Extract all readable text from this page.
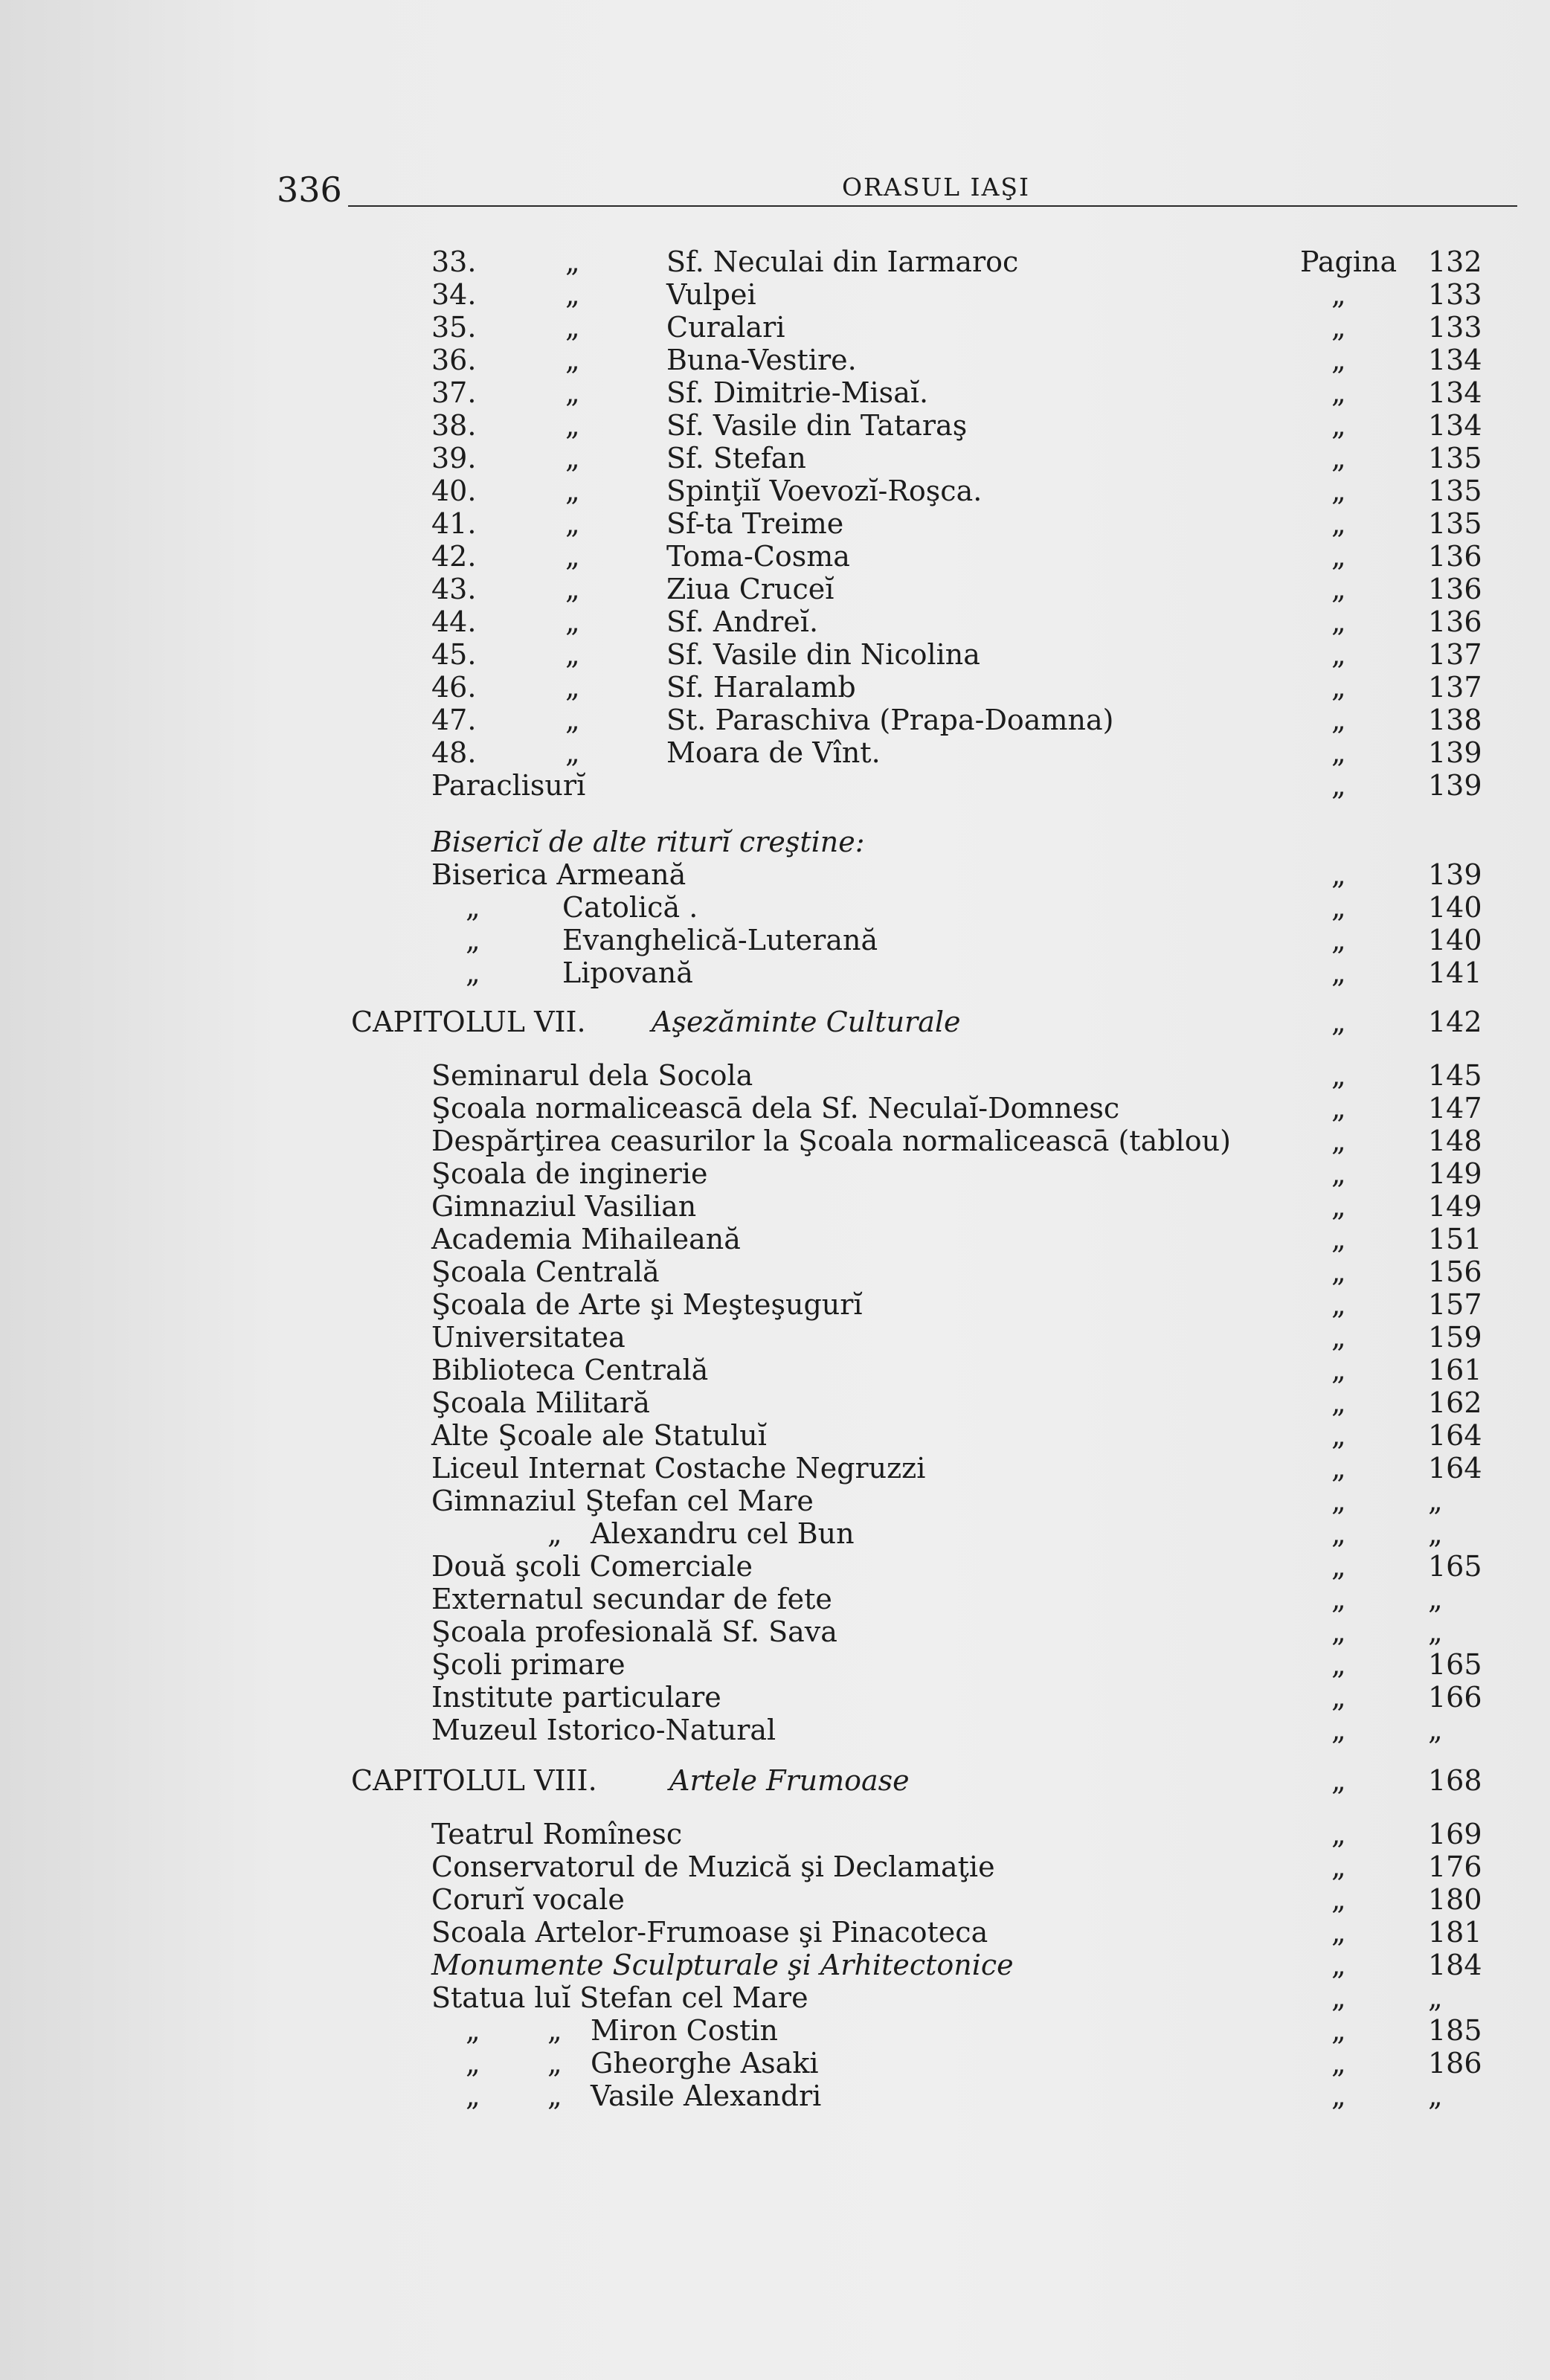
336	ORASUL IAŞI
33.	„	Sf. Neculai din Iarmaroc	Pagina 132
34.	„	Vulpei	„	133
35.	„	Curalari	„	133
36.	„	Buna-Vestire.	„	134
37.	„	Sf. Dimitrie-Misaĭ.	„	134
38.	„	Sf. Vasile din Tataraş	„	134
39.	„	Sf. Stefan	„	135
40.	„	Spinţiĭ Voevozĭ-Roşca.	„	135
41.	„	Sf-ta Treime	„	135
42.	„	Toma-Cosma	„	136
43.	„	Ziua Cruceĭ	„	136
44.	„	Sf. Andreĭ.	„	136
45.	„	Sf. Vasile din Nicolina	„	137
46.	„	Sf. Haralamb	„	137
47.	„	St. Paraschiva (Prapa-Doamna)	„	138
48.	„	Moara de Vînt.	„	139
Paraclisurĭ	„	139
Bisericĭ de alte riturĭ creştine:
Biserica Armeană	„	139
„	Catolică .	„	140
„	Evanghelică-Luterană	„	140
„	Lipovană	„	141
CAPITOLUL VII. Aşezăminte Culturale	„	142
Seminarul dela Socola	„	145
Şcoala normaliceascā dela Sf. Neculaĭ-Domnesc	„	147
Despărţirea ceasurilor la Şcoala normaliceascā (tablou)	„	148
Şcoala de inginerie	„	149
Gimnaziul Vasilian	„	149
Academia Mihaileană	„	151
Şcoala Centrală	„	156
Şcoala de Arte şi Meşteşugurĭ	„	157
Universitatea	„	159
Biblioteca Centrală	„	161
Şcoala Militară	„	162
Alte Şcoale ale Statuluĭ	„	164
Liceul Internat Costache Negruzzi	„	164
Gimnaziul Ştefan cel Mare	„	„
„ Alexandru cel Bun	„	„
Două şcoli Comerciale	„	165
Externatul secundar de fete	„	„
Şcoala profesională Sf. Sava	„	„
Şcoli primare	„	165
Institute particulare	„	166
Muzeul Istorico-Natural	„	„
CAPITOLUL VIII.	Artele Frumoase	„	168
Teatrul Romînesc	„	169
Conservatorul de Muzică şi Declamaţie	„	176
Corurĭ vocale	„	180
Scoala Artelor-Frumoase şi Pinacoteca	„	181
Monumente Sculpturale şi Arhitectonice	„	184
Statua luĭ Stefan cel Mare	„	„
„ „ Miron Costin	„	185
„ „ Gheorghe Asaki	„	186
„ „ Vasile Alexandri	„	„
